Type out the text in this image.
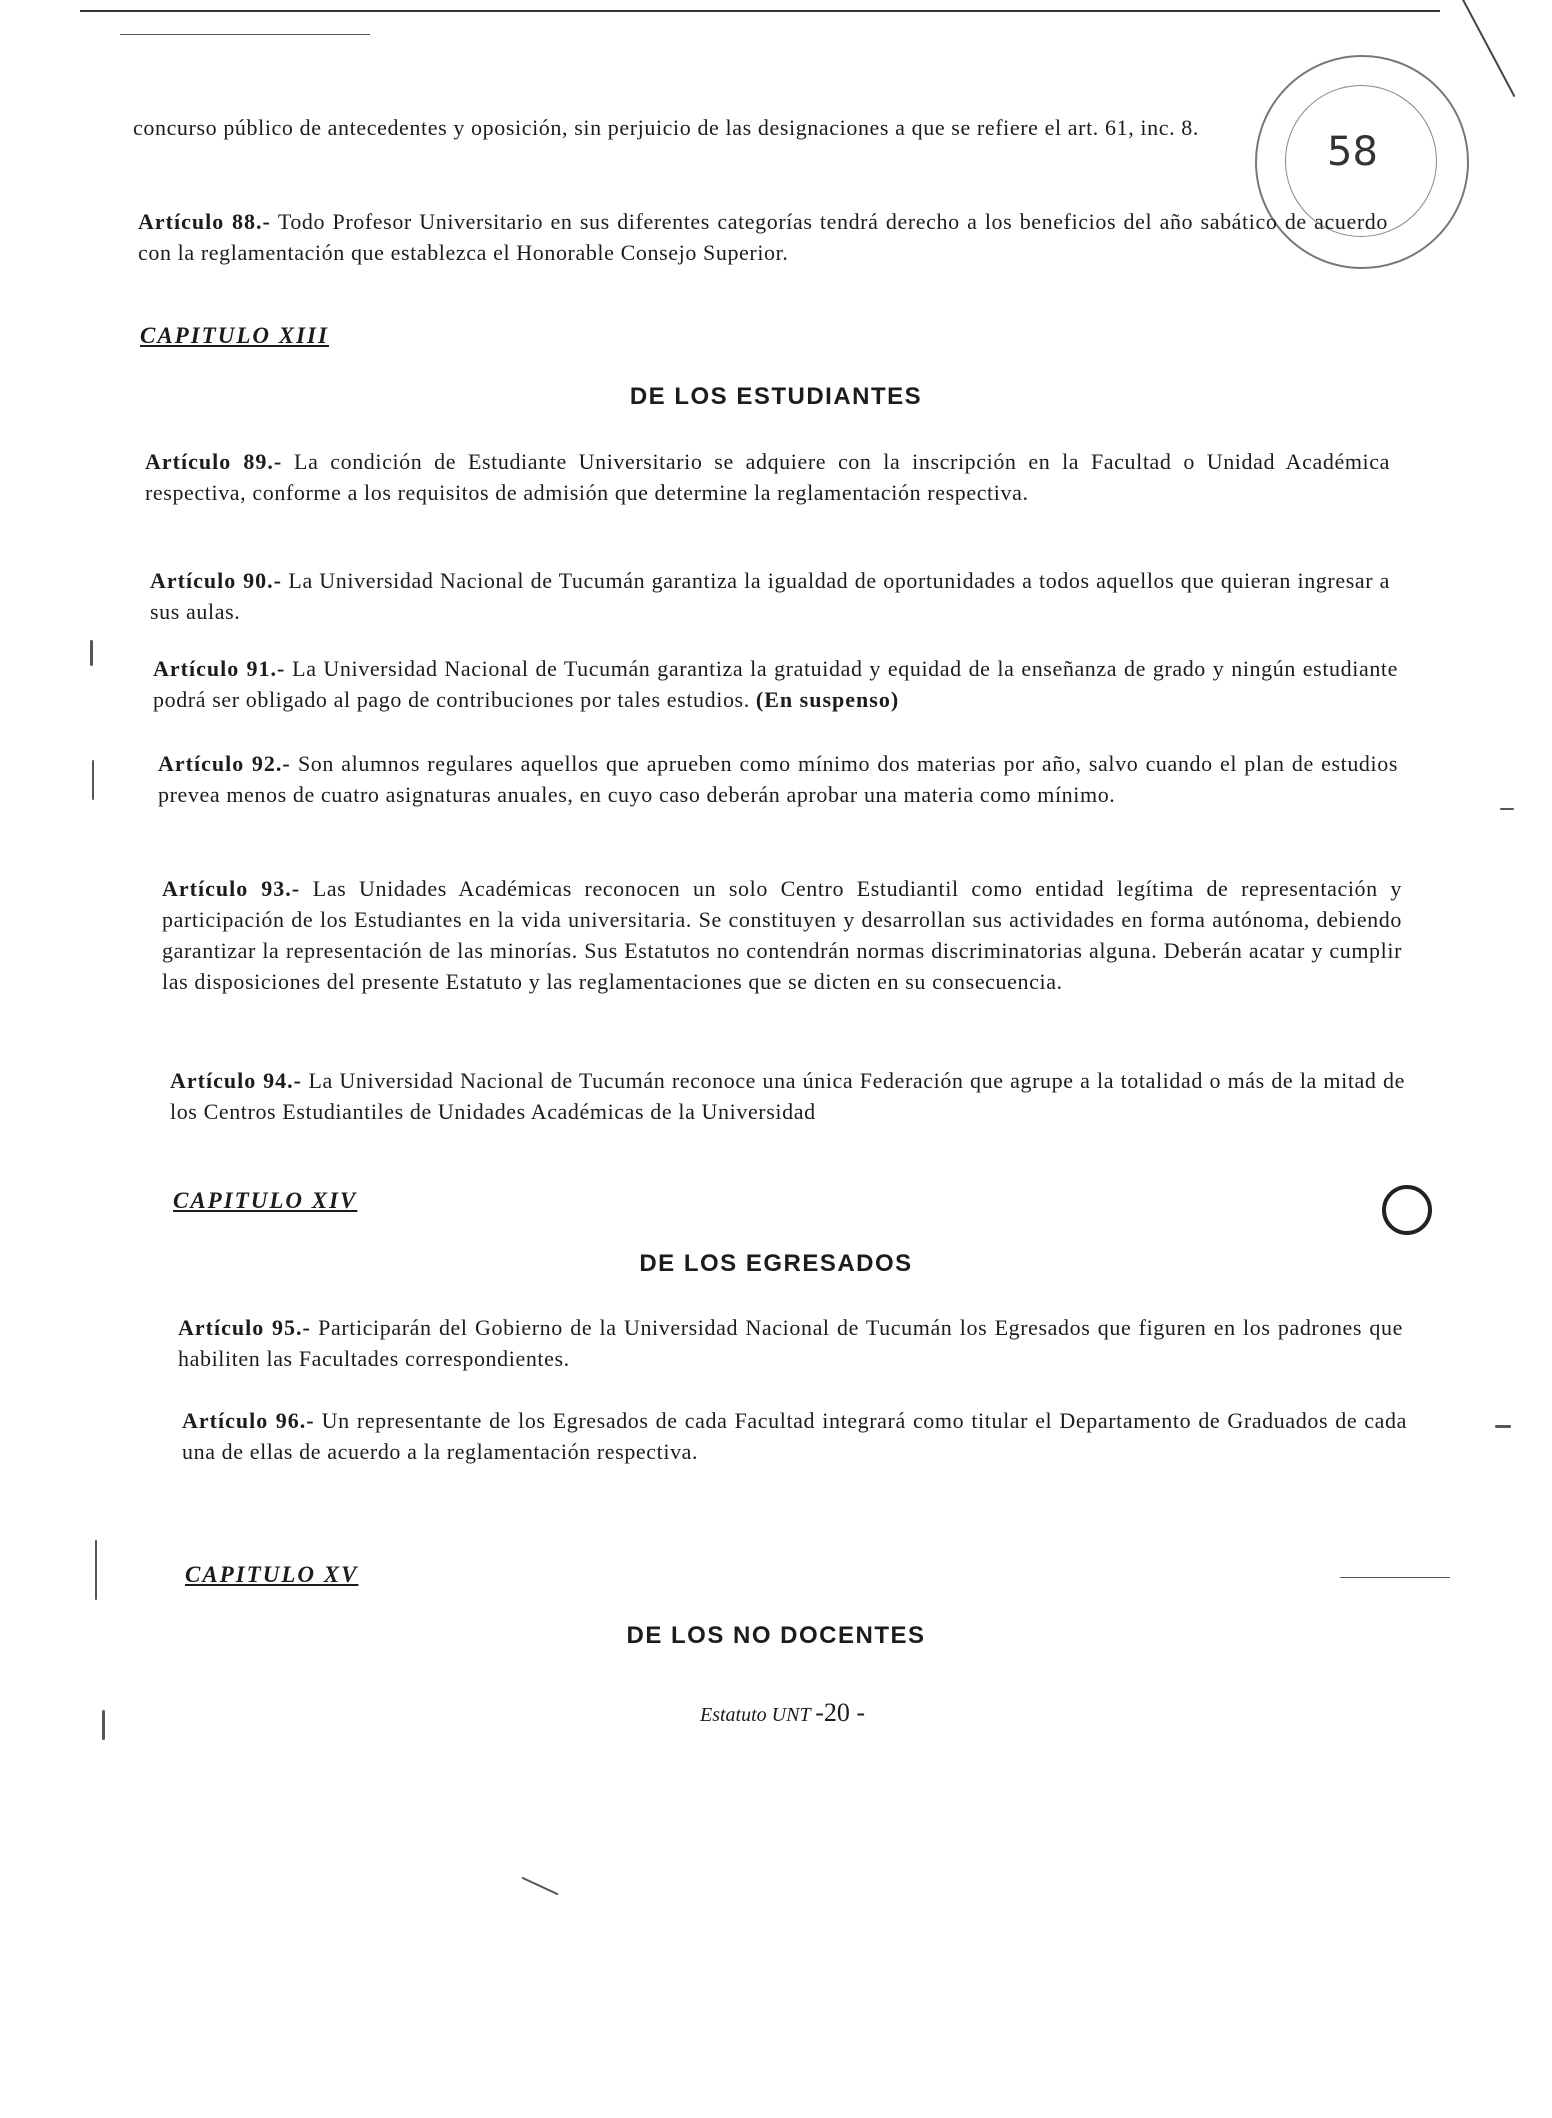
58

concurso público de antecedentes y oposición, sin perjuicio de las designaciones a que se refiere el art. 61, inc. 8.

Artículo 88.- Todo Profesor Universitario en sus diferentes categorías tendrá derecho a los beneficios del año sabático de acuerdo con la reglamentación que establezca el Honorable Consejo Superior.

CAPITULO XIII
DE LOS ESTUDIANTES

Artículo 89.- La condición de Estudiante Universitario se adquiere con la inscripción en la Facultad o Unidad Académica respectiva, conforme a los requisitos de admisión que determine la reglamentación respectiva.

Artículo 90.- La Universidad Nacional de Tucumán garantiza la igualdad de oportunidades a todos aquellos que quieran ingresar a sus aulas.

Artículo 91.- La Universidad Nacional de Tucumán garantiza la gratuidad y equidad de la enseñanza de grado y ningún estudiante podrá ser obligado al pago de contribuciones por tales estudios. (En suspenso)

Artículo 92.- Son alumnos regulares aquellos que aprueben como mínimo dos materias por año, salvo cuando el plan de estudios prevea menos de cuatro asignaturas anuales, en cuyo caso deberán aprobar una materia como mínimo.

Artículo 93.- Las Unidades Académicas reconocen un solo Centro Estudiantil como entidad legítima de representación y participación de los Estudiantes en la vida universitaria. Se constituyen y desarrollan sus actividades en forma autónoma, debiendo garantizar la representación de las minorías. Sus Estatutos no contendrán normas discriminatorias alguna. Deberán acatar y cumplir las disposiciones del presente Estatuto y las reglamentaciones que se dicten en su consecuencia.

Artículo 94.- La Universidad Nacional de Tucumán reconoce una única Federación que agrupe a la totalidad o más de la mitad de los Centros Estudiantiles de Unidades Académicas de la Universidad

CAPITULO XIV
DE LOS EGRESADOS

Artículo 95.- Participarán del Gobierno de la Universidad Nacional de Tucumán los Egresados que figuren en los padrones que habiliten las Facultades correspondientes.

Artículo 96.- Un representante de los Egresados de cada Facultad integrará como titular el Departamento de Graduados de cada una de ellas de acuerdo a la reglamentación respectiva.

CAPITULO XV
DE LOS NO DOCENTES
Estatuto UNT -20 -
